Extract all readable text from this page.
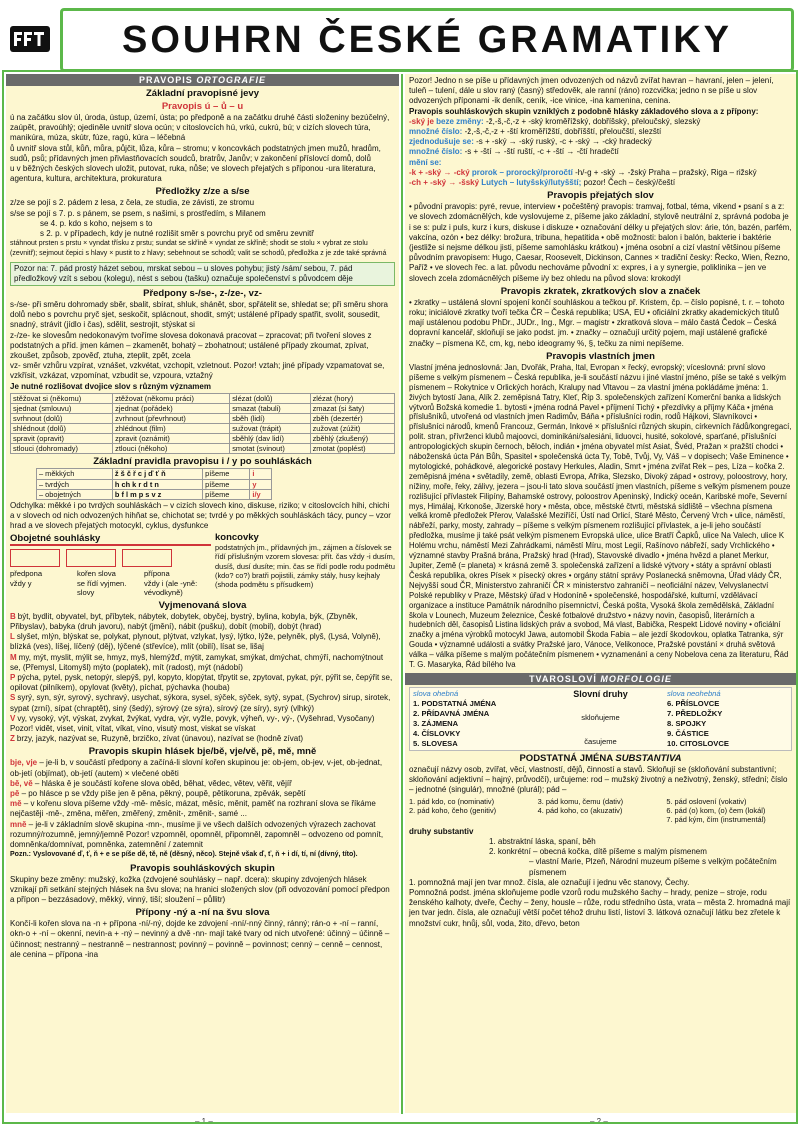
SOUHRN ČESKÉ GRAMATIKY
PRAVOPIS ORTOGRAFIE
Základní pravopisné jevy
Pravopis ú – ů – u
ú na začátku slov úl, úroda, ústup, území, ústa; po předponě a na začátku druhé části složeniny bezúčelný, zaúpět, pravoúhlý; ojediněle uvnitř slova ocún; v citoslovcích hú, vrkú, cukrú, bú; v cizích slovech túra, manikúra, múza, skútr, fúze, ragú, kúra – léčebná
ů uvnitř slova stůl, kůň, můra, půjčit, lůza, kůra – stromu; v koncovkách podstatných jmen mužů, hradům, sudů, psů; přídavných jmen přivlastňovacích soudců, bratrův, Janův; v zakončení příslovcí domů, dolů
u v běžných českých slovech uložit, putovat, ruka, nůše; ve slovech přejatých s příponou -ura literatura, agentura, kultura, architektura, prokuratura
Předložky z/ze a s/se
z/ze se pojí s 2. pádem z lesa, z čela, ze studia, ze závisti, ze stromu
s/se se pojí s 7. p. s pánem, se psem, s našimi, s prostředím, s Milanem
se 4. p. kdo s koho, nejsem s to
s 2. p. v případech, kdy je nutné rozlišit směr s povrchu pryč od směru zevnitř
stáhnout prsten s prstu × vyndat třísku z prstu; sundat se skříně × vyndat ze skříně; shodit se stolu × vybrat ze stolu (zevnitř); sejmout čepici s hlavy × pustit to z hlavy; sebehnout se schodů; valit se schodů, předložka z je zde také správná
Pozor na: 7. pád prostý házet sebou, mrskat sebou – u sloves pohybu; jistý /sám/ sebou, 7. pád předložkový vzít s sebou (kolegu), nést s sebou (tašku) označuje společenství s původcem děje
Předpony s-/se-, z-/ze-, vz-
s-/se- při směru dohromady sběr, sbalit, sbírat, shluk, shánět, sbor, spřátelit se, shledat se; při směru shora dolů nebo s povrchu pryč sjet, seskočit, splácnout, shodit, smýt; ustálené případy spatřit, svolit, sousedit, snadný, strávit (jídlo i čas), sdělit, sestrojit, stýskat si
z-/ze- ke slovesům nedokonavým tvoříme slovesa dokonavá pracovat – zpracovat; při tvoření sloves z podstatných a příd. jmen kámen – zkamenět, bohatý – zbohatnout; ustálené případy zkoumat, zpívat, zkoušet, způsob, zpověď, ztuha, zteplit, zpět, zcela
vz- směr vzhůru vzpírat, vznášet, vzkvétat, vzchopit, vzletnout. Pozor! vztah; jiné případy vzpamatovat se, vzkřísit, vzkázat, vzpomínat, vzbudit se, vzpoura, vztažný
Je nutné rozlišovat dvojice slov s různým významem
stěžovat si (někomu)	ztěžovat (někomu práci)	slézat (dolů)	zlézat (hory)
sjednat (smlouvu)	zjednat (pořádek)	smazat (tabuli)	zmazat (si šaty)
svrhnout (dolů)	zvrhnout (převrhnout)	sběh (lidí)	zběh (dezertér)
shlédnout (dolů)	zhlédnout (film)	sužovat (trápit)	zužovat (zúžit)
spravit (opravit)	zpravit (oznámit)	sběhlý (dav lidí)	zběhlý (zkušený)
stlouci (dohromady)	ztlouci (někoho)	smotat (svinout)	zmotat (poplést)
Základní pravidla pravopisu i / y po souhláskách
– měkkých	ž š č ř c j ď ť ň	píšeme	i
– tvrdých	h ch k r d t n	píšeme	y
– obojetných	b f l m p s v z	píšeme	i/y
Odchylka: měkké i po tvrdých souhláskách – v cizích slovech kino, diskuse, rizikо; v citoslovcích hihi, chichi a v slovech od nich odvozených hihňat se, chichotat se; tvrdé y po měkkých souhláskách tácy, puncy – vzor hrad a ve slovech přejatých motocykl, cyklus, dysfunkce
Obojetné souhlásky
předpona	kořen slova	přípona
vždy y	se řídí vyjmen. slovy
vždy i (ale -yně: vévodkyně)
koncovky
podstatných jm., přídavných jm., zájmen a číslovek se řídí příslušným vzorem slovesa: přít. čas vždy -i dusím, dusíš, dusí dusíte; min. čas se řídí podle rodu podmětu (kdo? co?) bratři pojistili, zámky stály, husy kejhaly (shoda podmětu s přísudkem)
Vyjmenovaná slova
B být, bydlit, obyvatel, byt, příbytek, nábytek, dobytek, obyčej, bystrý, bylina, kobyla, býk, (Zbyněk, Přibyslav), babyka (druh javoru), nabýt (jmění), nábit (pušku), dobít (mobil), dobýt (hrad)
L slyšet, mlýn, blýskat se, polykat, plynout, plýtvat, vzlykat, lysý, lýtko, lýže, pelyněk, plyš, (Lysá, Volyně), blízká (ves), líšej, líčený (děj), lýčené (střevíce), mlít (obilí), lísat se, lišaj
M my, mýt, myslit, mýlit se, hmyz, myš, hlemýžď, mýtit, zamykat, smýkat, dmýchat, chmýří, nachomýtnout se, (Přemysl, Litomyšl) mýto (poplatek), mít (radost), mýt (nádobí)
P pýcha, pytel, pysk, netopýr, slepýš, pyl, kopyto, klopýtat, třpytit se, zpytovat, pykat, pýr, pýřit se, čepýřit se, opilovat (pilníkem), opylovat (květy), píchat, pýchavka (houba)
S syrý, syn, sýr, syrový, sychravý, usychat, sýkora, sysel, sýček, sýček, sytý, sypat, (Sychrov) sirup, sirotek, sypat (zrní), sípat (chraptět), siný (šedý), sýrový (ze sýra), sírový (ze síry), syrý (vlhký)
V vy, vysoký, výt, výskat, zvykat, žvýkat, vydra, výr, vyžle, povyk, výheň, vy-, vý-, (Vyšehrad, Vysočany) Pozor! vidět, viset, vinit, vítat, víkat, víno, visutý most, viskat se vískat
Z brzy, jazyk, nazývat se, Ruzyně, brzičko, zívat (únavou), nazívat se (hodně zívat)
Pravopis skupin hlásek bje/bě, vje/vě, pě, mě, mně
bje, vje – je-li b, v součástí předpony a začíná-li slovní kořen skupinou je: ob-jem, ob-jev, v-jet, ob-jednat, ob-jetí (objímat), ob-jetí (autem) × vlečené oběti
bě, vě – hláska ě je součástí kořene slova oběd, běhat, vědec, větev, věřit, vějíř
pě – po hlásce p se vždy píše jen ě pěna, pěkný, poupě, pětikoruna, zpěvák, sepětí
mě – v kořenu slova píšeme vždy -mě- měsíc, mázat, měsíc, měnit, paměť na rozhraní slova se říkáme nejčastěji -mě-, změna, měřen, změřený, změnit-, změnit-, samé ...
mně – je-li v základním slově skupina -mn-, musíme ji ve všech dalších odvozených výrazech zachovat rozumný/rozumně, jemný/jemně Pozor! vzpomněl, opomněl, připomněl, zapomněl – odvozeno od pomnít, domněnka/domnívat, pomněnka, zatemnění / zatemnit
Pozn.: Vyslovované ď, ť, ň + e se píše dě, tě, ně (děsný, něco). Stejně však ď, ť, ň + i dí, tí, ní (dívný, títo).
Pravopis souhláskových skupin
Skupiny beze změny: mužský, kožka (zdvojené souhlásky – např. dcera): skupiny zdvojených hlásek vznikají při setkání stejných hlásek na švu slova; na hranici složených slov (při odvozování pomocí předpon a přípon – bezzásadový, měkký, vinný, tiší; sloužení – půllitr)
Přípony -ný a -ní na švu slova
Končí-li kořen slova na -n + přípona -ní/-ný, dojde ke zdvojení -nní/-nný činný, ránný; rán-o + -ní – ranní, okn-o + -ní – okenní, nevin-a + -ný – nevinný a dvě -nn- mají také tvary od nich utvořené: účinný – účinně – účinnost; nestranný – nestranně – nestrannost; povinný – povinně – povinnost; cenný – cenně – cennost, ale cenina – přípona -ina
– 1 –
Pozor! Jedno n se píše u přídavných jmen odvozených od názvů zvířat havran – havraní, jelen – jelení, tuleň – tulení, dále u slov raný (časný) středověk, ale ranní (ráno) rozcvička; jedno n se píše u slov odvozených příponami -ik deník, ceník, -ice vinice, -ina kamenina, cenina.
Pravopis souhláskových skupin vzniklých z podobně hlásky základového slova a z přípony:
-ský je beze změny: -ž,-š,-č,-z + -ský kroměřížský, dobříšský, přeloučský, slezský
množné číslo: -ž,-š,-č,-z + -ští kroměřížští, dobříšští, přeloučští, slezští
zjednodušuje se: -s + -ský → -ský ruský, -c + -ský → -cký hradecký
množné číslo: -s + -ští → -ští ruští, -c + -ští → -čtí hradečtí
mění se:
-k + -ský → -cký prorok – prorocký/proročtí -h/-g + -ský → -žský Praha – pražský, Riga – rižský
-ch + -ský → -šský Lutych – lutyšský/lutyšští; pozor! Čech – český/čeští
Pravopis přejatých slov
• původní pravopis: pyré, revue, interview • počeštěný pravopis: tramvaj, fotbal, téma, vikend • psaní s a z: ve slovech zdomácnělých, kde vyslovujeme z, píšeme jako základní, stylově neutrální z, správná podoba je i se s: pulz i puls, kurz i kurs, diskuse i diskuze • označování délky u přejatých slov: árie, tón, bazén, parfém, vakcína, ozón • bez délky: brožura, tribuna, hepatitida • obě možnosti: balon i balón, bakterie i baktérie (jestliže si nejsme délkou jisti, píšeme samohlásku krátkou) • jména osobní a cizí vlastní většinou píšeme původním pravopisem: Hugo, Caesar, Roosevelt, Dickinson, Cannes × tradiční česky: Řecko, Wien, Řezno, Paříž • ve slovech řec. a lat. původu nechováme původní x: expres, i a y synergie, poliklinika – jen ve slovech zcela zdomácnělých píšeme i/y bez ohledu na původ slova: krokodýl
Pravopis zkratek, zkratkových slov a značek
• zkratky – ustálená slovní spojení končí souhláskou a tečkou př. Kristem, čp. – číslo popisné, t. r. – tohoto roku; iniciálové zkratky tvoří tečka ČR – Česká republika; USA, EU • oficiální zkratky akademických titulů mají ustálenou podobu PhDr., JUDr., Ing., Mgr. – magistr • zkratková slova – málo častá Čedok – Česká dopravní kancelář, skloňují se jako podst. jm. • značky – označují určitý pojem, mají ustálené grafické značky – písmena Kč, cm, kg, nebo ideogramy %, §, tečku za nimi nepíšeme.
Pravopis vlastních jmen
Vlastní jména jednoslovná: Jan, Dvořák, Praha, Ital, Evropan × řecký, evropský; víceslovná: první slovo píšeme s velkým písmenem – Česká republika, je-li součástí názvu i jiné vlastní jméno, píše se také s velkým písmenem – Rokytnice v Orlických horách, Kralupy nad Vltavou – za vlastní jména pokládáme jména: 1. živých bytostí Jana, Alík 2. zeměpisná Tatry, Kleť, Říp 3. společenských zařízení Komerční banka a lidských výtvorů Božská komedie 1. bytosti • jména rodná Pavel • příjmení Tichý • přezdívky a příjmy Káča • jména příslušníků, utvořená od vlastních jmen Radimův, Báňa • příslušníci rodin, rodů Hájkovi, Slavníkovci • příslušníci národů, kmenů Francouz, Germán, Inkové × příslušníci různých skupin, církevních řádů/kongregací, polit. stran, přívrženci klubů majoovci, dominikáni/salesiáni, liduovci, husité, sokolové, sparťané, příslušníci antropologických skupin černoch, běloch, indián • jména obyvatel míst Asiat, Švéd, Pražan × pražští chodci • náboženská úcta Pán Bůh, Spasitel • společenská úcta Ty, Tobě, Tvůj, Vy, Váš – v dopisech; Vaše Eminence • mytologické, pohádkové, alegorické postavy Herkules, Aladin, Smrt • jména zvířat Rek – pes, Líza – kočka 2. zeměpisná jména • světadíly, země, oblasti Evropa, Afrika, Slezsko, Divoký západ • ostrovy, poloostrovy, hory, nížiny, moře, řeky, zálivy, jezera – jsou-li tato slova součástí jmen vlastních, píšeme s velkým písmenem pouze rozlišující přívlastek Filipíny, Bahamské ostrovy, poloostrov Apeninský, Indický oceán, Karibské moře, Severní mys, Himálaj, Krkonoše, Jizerské hory • města, obce, městské čtvrti, městská sídliště – všechna písmena velká kromě předložek Přerov, Valašské Meziříčí, Ústí nad Orlicí, Staré Město, Červený Vrch • ulice, náměstí, nábřeží, parky, mosty, zahrady – píšeme s velkým písmenem rozlišující přívlastek, a je-li jeho součástí předložka, musíme ji také psát velkým písmenem Evropská ulice, ulice Bratří Čapků, ulice Na Valech, ulice K Holému vrchu, náměstí Mezi Zahrádkami, náměstí Míru, most Legií, Rašínovo nábřeží, sady Vrchlického • významné stavby Prašná brána, Pražský hrad (Hrad), Stavovské divadlo • jména hvězd a planet Merkur, Jupiter, Země (= planeta) × krásná země 3. společenská zařízení a lidské výtvory • státy a správní oblasti Česká republika, okres Písek × písecký okres • orgány státní správy Poslanecká sněmovna, Úřad vlády ČR, Nejvyšší soud ČR, Ministerstvo zahraničí ČR × ministerstvo zahraničí – neoficiální název, Velvyslanectví Polské republiky v Praze, Městský úřad v Hodoníně • společenské, hospodářské, kulturní, vzdělávací organizace a instituce Památník národního písemnictví, Česká pošta, Vysoká škola zemědělská, Základní škola v Lounech, Muzeum železnice, České fotbalové družstvo • názvy novin, časopisů, literárních a hudebních děl, časopisů Listina lidských práv a svobod, Má vlast, Babička, Respekt Lidové noviny • oficiální značky a jména výrobků motocykl Jawa, automobil Škoda Fabia – ale jezdí škodovkou, oplatka Tatranka, sýr Gouda • významné události a svátky Pražské jaro, Vánoce, Velikonoce, Pražské povstání × druhá světová válka – válka píšeme s malým počátečním písmenem • vyznamenání a ceny Nobelova cena za literaturu, Řád T. G. Masaryka, Řád bílého lva
TVAROSLOVÍ MORFOLOGIE
slova ohebná
1. PODSTATNÁ JMÉNA
2. PŘÍDAVNÁ JMÉNA
3. ZÁJMENA
4. ČÍSLOVKY
5. SLOVESA
Slovní druhy
skloňujeme
časujeme
slova neohebná
6. PŘÍSLOVCE
7. PŘEDLOŽKY
8. SPOJKY
9. ČÁSTICE
10. CITOSLOVCE
PODSTATNÁ JMÉNA SUBSTANTIVA
označují názvy osob, zvířat, věcí, vlastností, dějů, činností a stavů. Skloňují se (skloňování substantivní; skloňování adjektivní – hajný, průvodčí), určujeme: rod – mužský životný a neživotný, ženský, střední; číslo – jednotné (singulár), množné (plurál); pád –
1. pád kdo, co (nominativ)	3. pád komu, čemu (dativ)	5. pád oslovení (vokativ)
2. pád koho, čeho (genitiv)	4. pád koho, co (akuzativ)	6. pád (o) kom, (o) čem (lokál)
7. pád kým, čím (instrumentál)
druhy substantiv
1. abstraktní láska, spaní, běh
2. konkrétní – obecná kočka, dítě píšeme s malým písmenem
– vlastní Marie, Plzeň, Národní muzeum píšeme s velkým počátečním písmenem
1. pomnožná mají jen tvar množ. čísla, ale označují i jednu věc stanovy, Čechy.
Pomnožná podst. jména skloňujeme podle vzorů rodu mužského šachy – hrady, penize – stroje, rodu ženského kalhoty, dveře, Čechy – ženy, housle – růže, rodu středního ústa, vrata – města 2. hromadná mají jen tvar jedn. čísla, ale označují větší počet téhož druhu listí, listoví 3. látková označují látku bez zřetele k množství cukr, hnůj, sůl, voda, žito, dřevo, beton
– 2 –
